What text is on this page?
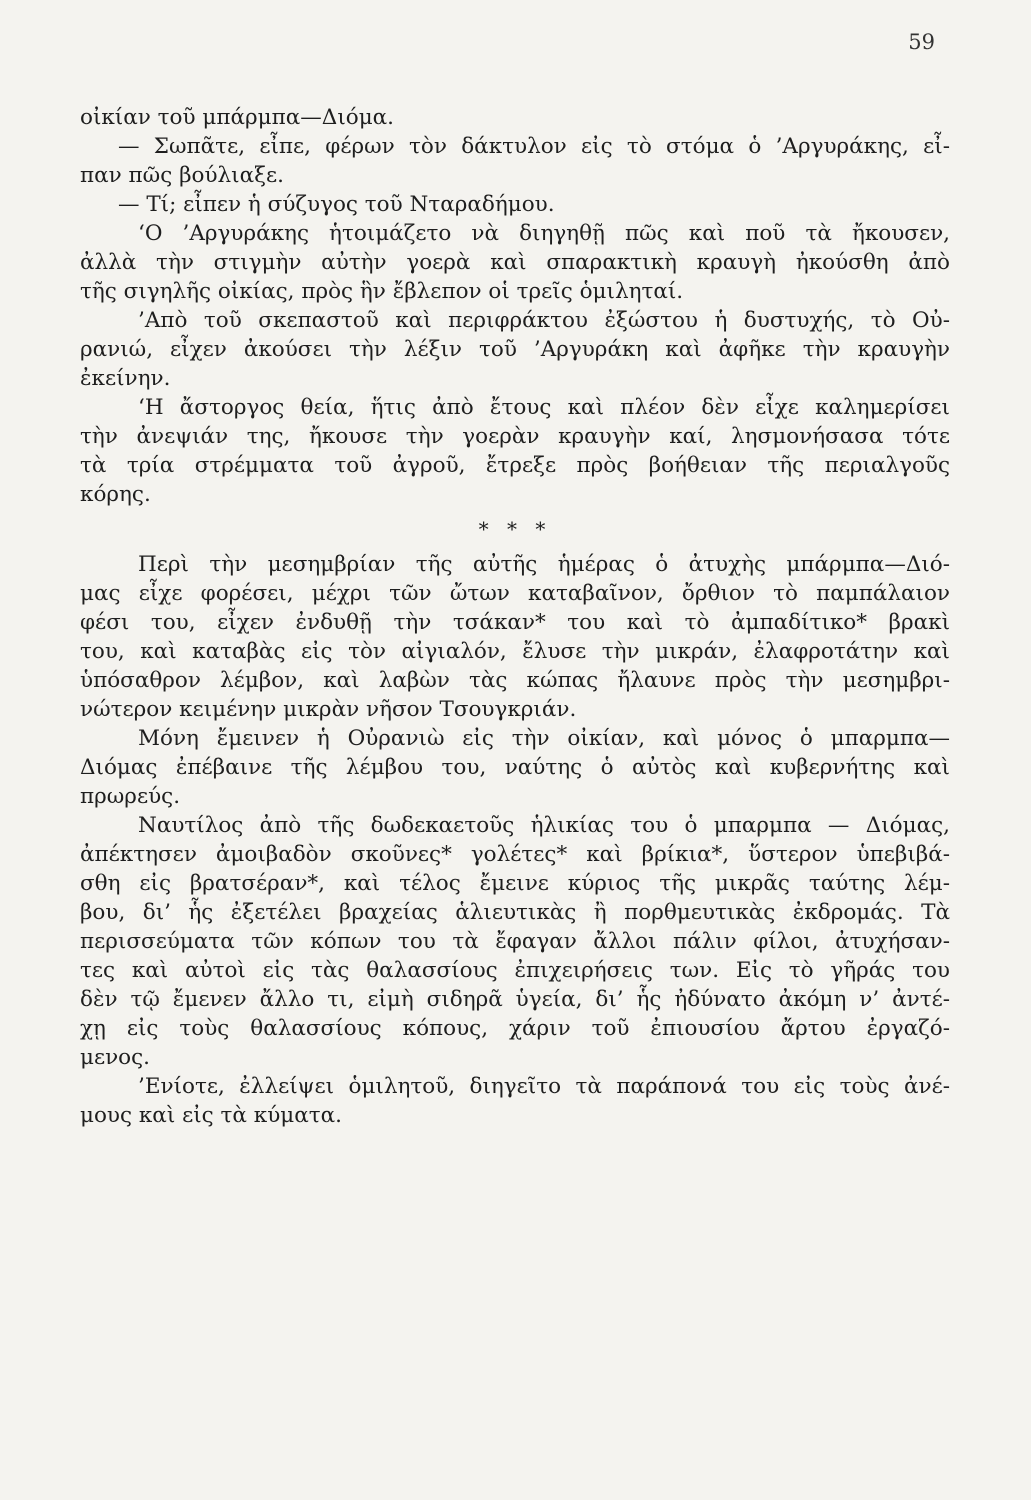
59
οἰκίαν τοῦ μπάρμπα—Διόμα.
— Σωπᾶτε, εἶπε, φέρων τὸν δάκτυλον εἰς τὸ στόμα ὁ ’Αργυράκης, εἶ-
παν πῶς βούλιαξε.
— Τί; εἶπεν ἡ σύζυγος τοῦ Νταραδήμου.
‘Ο ’Αργυράκης ἡτοιμάζετο νὰ διηγηθῇ πῶς καὶ ποῦ τὰ ἤκουσεν,
ἀλλὰ τὴν στιγμὴν αὐτὴν γοερὰ καὶ σπαρακτικὴ κραυγὴ ἠκούσθη ἀπὸ
τῆς σιγηλῆς οἰκίας, πρὸς ἣν ἔβλεπον οἱ τρεῖς ὁμιληταί.
’Απὸ τοῦ σκεπαστοῦ καὶ περιφράκτου ἐξώστου ἡ δυστυχής, τὸ Οὐ-
ρανιώ, εἶχεν ἀκούσει τὴν λέξιν τοῦ ’Αργυράκη καὶ ἀφῆκε τὴν κραυγὴν
ἐκείνην.
‘Η ἄστοργος θεία, ἥτις ἀπὸ ἔτους καὶ πλέον δὲν εἶχε καλημερίσει
τὴν ἀνεψιάν της, ἤκουσε τὴν γοερὰν κραυγὴν καί, λησμονήσασα τότε
τὰ τρία στρέμματα τοῦ ἀγροῦ, ἔτρεξε πρὸς βοήθειαν τῆς περιαλγοῦς
κόρης.
* * *
Περὶ τὴν μεσημβρίαν τῆς αὐτῆς ἡμέρας ὁ ἀτυχὴς μπάρμπα—Διό-
μας εἶχε φορέσει, μέχρι τῶν ὤτων καταβαῖνον, ὄρθιον τὸ παμπάλαιον
φέσι του, εἶχεν ἐνδυθῇ τὴν τσάκαν* του καὶ τὸ ἀμπαδίτικο* βρακὶ
του, καὶ καταβὰς εἰς τὸν αἰγιαλόν, ἔλυσε τὴν μικράν, ἐλαφροτάτην καὶ
ὑπόσαθρον λέμβον, καὶ λαβὼν τὰς κώπας ἤλαυνε πρὸς τὴν μεσημβρι-
νώτερον κειμένην μικρὰν νῆσον Τσουγκριάν.
Μόνη ἔμεινεν ἡ Οὐρανιὼ εἰς τὴν οἰκίαν, καὶ μόνος ὁ μπαρμπα—
Διόμας ἐπέβαινε τῆς λέμβου του, ναύτης ὁ αὐτὸς καὶ κυβερνήτης καὶ
πρωρεύς.
Ναυτίλος ἀπὸ τῆς δωδεκαετοῦς ἡλικίας του ὁ μπαρμπα — Διόμας,
ἀπέκτησεν ἀμοιβαδὸν σκοῦνες* γολέτες* καὶ βρίκια*, ὕστερον ὑπεβιβά-
σθη εἰς βρατσέραν*, καὶ τέλος ἔμεινε κύριος τῆς μικρᾶς ταύτης λέμ-
βου, δι’ ἧς ἐξετέλει βραχείας ἁλιευτικὰς ἢ πορθμευτικὰς ἐκδρομάς. Τὰ
περισσεύματα τῶν κόπων του τὰ ἔφαγαν ἄλλοι πάλιν φίλοι, ἀτυχήσαν-
τες καὶ αὐτοὶ εἰς τὰς θαλασσίους ἐπιχειρήσεις των. Εἰς τὸ γῆράς του
δὲν τῷ ἔμενεν ἄλλο τι, εἰμὴ σιδηρᾶ ὑγεία, δι’ ἧς ἠδύνατο ἀκόμη ν’ ἀντέ-
χῃ εἰς τοὺς θαλασσίους κόπους, χάριν τοῦ ἐπιουσίου ἄρτου ἐργαζό-
μενος.
’Ενίοτε, ἐλλείψει ὁμιλητοῦ, διηγεῖτο τὰ παράπονά του εἰς τοὺς ἀνέ-
μους καὶ εἰς τὰ κύματα.
